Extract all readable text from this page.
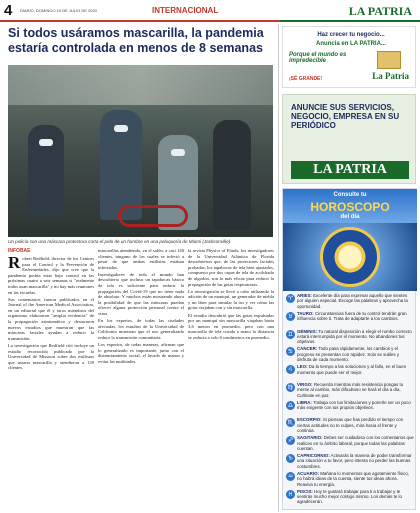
4 DIARIO, DOMINGO 19 DE JULIO DE 2020	INTERNACIONAL	LA PATRIA
Si todos usáramos mascarilla, la pandemia estaría controlada en menos de 8 semanas
Un policía con una máscara protectora corta el pelo de un hombre en una peluquería de Miami (Jacksonville).
INFOBAE
R obert Redfield, director de los Centros para el Control y la Prevención de Enfermedades, dijo que cree que la pandemia podría estar bajo control en las próximas cuatro a seis semanas si "realmente todos usan mascarilla" y no hay más reuniones en las escuelas.

Sus comentarios fueron publicados en el Journal of the American Medical Association, en un editorial que él y otros miembros del organismo elaboraron "amplia evidencia" de la propagación asintomática y destacaron nuevos estudios que muestran que las máscaras faciales ayudan a reducir la transmisión.

La investigación que Redfield citó incluye un estudio reconocido publicado por la Universidad de Missouri sobre dos estilistas que usaron mascarilla y atendieron a 139 clientes.

mascarillas atendiendo, en el salón, a casi 140 clientes, ninguno de los cuales se infectó a pesar de que ambas estilistas estaban infectadas.

Investigadores de todo el mundo han descubierto que incluso un tapabocas básico de tela es suficiente para reducir la propagación del Covid-19 que no tiene nada de absoluto. Y muchos están mostrando ahora la posibilidad de que las máscaras puedan ofrecer alguna protección personal contra el virus.

En los expertos, de todas las ciudades afectadas, los estudios de la Universidad de California muestran que el uso generalizado reduce la transmisión comunitaria.

Los expertos, de todas maneras, afirman que lo generalizado es importante, junto con el distanciamiento social, el lavado de manos y evitar las multitudes.

la revista Physics of Fluids, los investigadores de la Universidad Atlántica de Florida descubrieron que, de las protectores faciales probadas, los tapabocas de tela bien ajustados, compuesto por dos capas de tela de acolchado de algodón, son la más eficaz para reducir la propagación de las gotas respiratorias.

La investigación se llevó a cabo utilizando la adición de un maniquí, un generador de niebla y un láser para simular la tos y ver cómo las gotas viajaban con y sin mascarilla.

El estudio descubrió que las gotas expulsadas por un maniquí sin mascarilla viajaban hasta 3,6 metros en promedio, pero con una mascarilla de tela cosida a mano la distancia se reducía a solo 6 centímetros en promedio.

Haz crecer tu negocio...
Anuncia en LA PATRIA...
Porque el mundo es impredecible
¡SÉ GRANDE!	La Patria
ANUNCIE SUS SERVICIOS, NEGOCIO, EMPRESA EN SU PERIÓDICO
LA PATRIA
Consulte tu
HOROSCOPO
del día
♈ ARIES: Excelente día para expresar aquello que sientes por alguien especial. Escoge las palabras y aprovecha la oportunidad.
♉ TAURO: Circunstancias fuera de tu control tendrán gran influencia sobre ti. Trata de adaptarte a los cambios.
♊ GÉMINIS: Tu natural disposición a elegir el rumbo correcto estará interrumpida por el momento. No abandones tus objetivos.
♋ CÁNCER: Todo pasa rápidamente, los cambios y el progreso se presentan con rapidez. Solo se sutiles y disfruta de cada momento.
♌ LEO: Da la tiempo a las soluciones y al fallo, en el buen momento que puede ser el mejor.
♍ VIRGO: Recuerda mientras más resistencia pongas tu mente al cambio, más dificultoso se hará el día a día. Cultívate en paz.
♎ LIBRA: Trabaja con tus limitaciones y ponerle ser un poco más exigente con tus propios objetivos.
♏ ESCORPIO: Si piensas que has perdido el tiempo con ciertas actitudes no te culpes, mira hacia el frente y continúa.
♐ SAGITARIO: Debes ser cuidadoso con los comentarios que realices en tu ámbito laboral, porque todas las palabras cuentan.
♑ CAPRICORNIO: Activarás la manera de poder transformar una situación a tu favor, pero intenta no perder las buenas costumbres.
♒ ACUARIO: Mañana lo momentos que agotamiento físico, no habrá ideas de la cuenta, siente tus ideas ahora. Reaviva tu energía.
♓ PISCIS: Hoy te gustará trabajar para ti a trabajar y te sentirás mucho mejor contigo mismo. Los demás te lo agradecerán.
